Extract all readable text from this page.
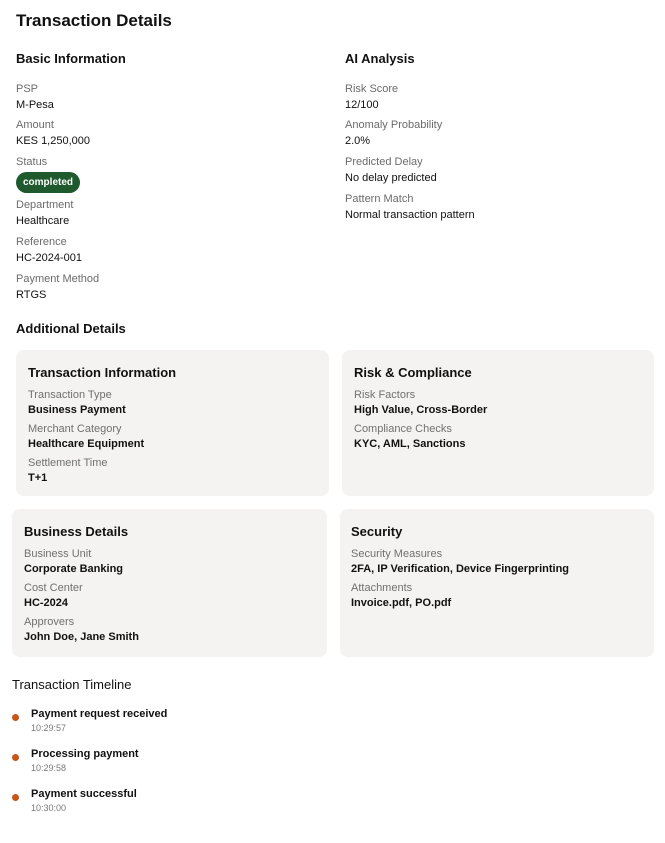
Transaction Details
Basic Information
PSP
M-Pesa
Amount
KES 1,250,000
Status
completed
Department
Healthcare
Reference
HC-2024-001
Payment Method
RTGS
AI Analysis
Risk Score
12/100
Anomaly Probability
2.0%
Predicted Delay
No delay predicted
Pattern Match
Normal transaction pattern
Additional Details
Transaction Information
Transaction Type
Business Payment
Merchant Category
Healthcare Equipment
Settlement Time
T+1
Risk & Compliance
Risk Factors
High Value, Cross-Border
Compliance Checks
KYC, AML, Sanctions
Business Details
Business Unit
Corporate Banking
Cost Center
HC-2024
Approvers
John Doe, Jane Smith
Security
Security Measures
2FA, IP Verification, Device Fingerprinting
Attachments
Invoice.pdf, PO.pdf
Transaction Timeline
Payment request received
10:29:57
Processing payment
10:29:58
Payment successful
10:30:00
